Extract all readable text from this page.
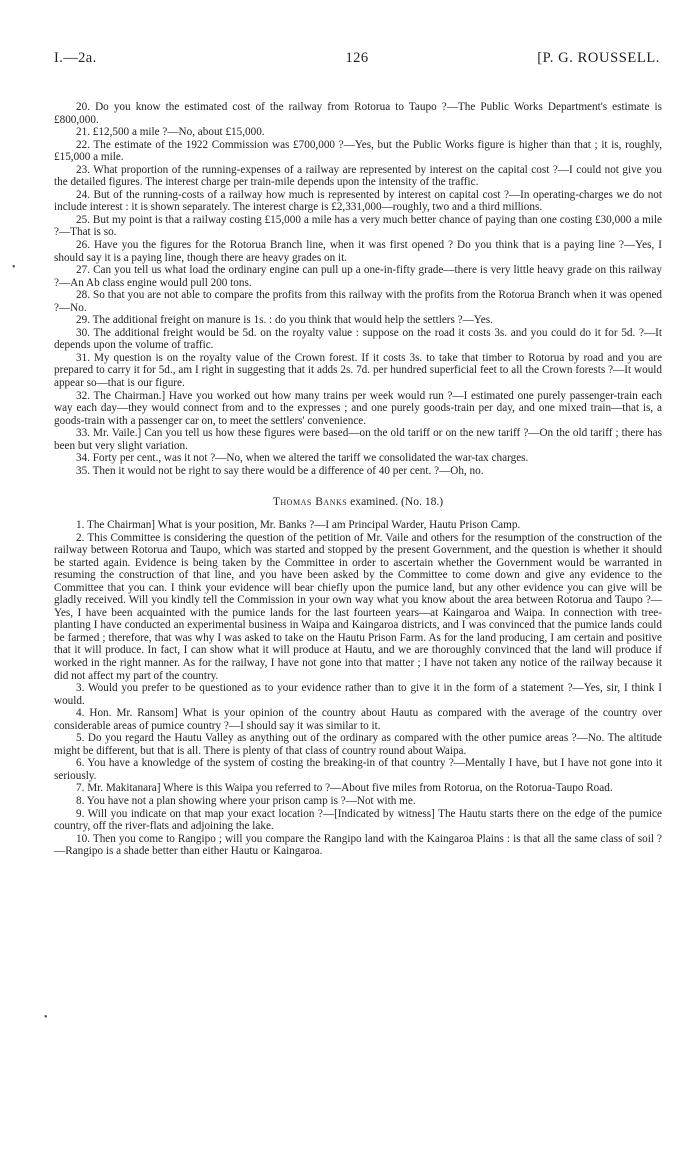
I.—2a.	126	[P. G. ROUSSELL.
•
•

20. Do you know the estimated cost of the railway from Rotorua to Taupo ?—The Public Works Department's estimate is £800,000.

21. £12,500 a mile ?—No, about £15,000.

22. The estimate of the 1922 Commission was £700,000 ?—Yes, but the Public Works figure is higher than that ; it is, roughly, £15,000 a mile.

23. What proportion of the running-expenses of a railway are represented by interest on the capital cost ?—I could not give you the detailed figures. The interest charge per train-mile depends upon the intensity of the traffic.

24. But of the running-costs of a railway how much is represented by interest on capital cost ?—In operating-charges we do not include interest : it is shown separately. The interest charge is £2,331,000—roughly, two and a third millions.

25. But my point is that a railway costing £15,000 a mile has a very much better chance of paying than one costing £30,000 a mile ?—That is so.

26. Have you the figures for the Rotorua Branch line, when it was first opened ? Do you think that is a paying line ?—Yes, I should say it is a paying line, though there are heavy grades on it.

27. Can you tell us what load the ordinary engine can pull up a one-in-fifty grade—there is very little heavy grade on this railway ?—An Ab class engine would pull 200 tons.

28. So that you are not able to compare the profits from this railway with the profits from the Rotorua Branch when it was opened ?—No.

29. The additional freight on manure is 1s. : do you think that would help the settlers ?—Yes.

30. The additional freight would be 5d. on the royalty value : suppose on the road it costs 3s. and you could do it for 5d. ?—It depends upon the volume of traffic.

31. My question is on the royalty value of the Crown forest. If it costs 3s. to take that timber to Rotorua by road and you are prepared to carry it for 5d., am I right in suggesting that it adds 2s. 7d. per hundred superficial feet to all the Crown forests ?—It would appear so—that is our figure.

32. The Chairman.] Have you worked out how many trains per week would run ?—I estimated one purely passenger-train each way each day—they would connect from and to the expresses ; and one purely goods-train per day, and one mixed train—that is, a goods-train with a passenger car on, to meet the settlers' convenience.

33. Mr. Vaile.] Can you tell us how these figures were based—on the old tariff or on the new tariff ?—On the old tariff ; there has been but very slight variation.

34. Forty per cent., was it not ?—No, when we altered the tariff we consolidated the war-tax charges.

35. Then it would not be right to say there would be a difference of 40 per cent. ?—Oh, no.

Thomas Banks examined. (No. 18.)

1. The Chairman] What is your position, Mr. Banks ?—I am Principal Warder, Hautu Prison Camp.

2. This Committee is considering the question of the petition of Mr. Vaile and others for the resumption of the construction of the railway between Rotorua and Taupo, which was started and stopped by the present Government, and the question is whether it should be started again. Evidence is being taken by the Committee in order to ascertain whether the Government would be warranted in resuming the construction of that line, and you have been asked by the Committee to come down and give any evidence to the Committee that you can. I think your evidence will bear chiefly upon the pumice land, but any other evidence you can give will be gladly received. Will you kindly tell the Commission in your own way what you know about the area between Rotorua and Taupo ?—Yes, I have been acquainted with the pumice lands for the last fourteen years—at Kaingaroa and Waipa. In connection with tree-planting I have conducted an experimental business in Waipa and Kaingaroa districts, and I was convinced that the pumice lands could be farmed ; therefore, that was why I was asked to take on the Hautu Prison Farm. As for the land producing, I am certain and positive that it will produce. In fact, I can show what it will produce at Hautu, and we are thoroughly convinced that the land will produce if worked in the right manner. As for the railway, I have not gone into that matter ; I have not taken any notice of the railway because it did not affect my part of the country.

3. Would you prefer to be questioned as to your evidence rather than to give it in the form of a statement ?—Yes, sir, I think I would.

4. Hon. Mr. Ransom] What is your opinion of the country about Hautu as compared with the average of the country over considerable areas of pumice country ?—I should say it was similar to it.

5. Do you regard the Hautu Valley as anything out of the ordinary as compared with the other pumice areas ?—No. The altitude might be different, but that is all. There is plenty of that class of country round about Waipa.

6. You have a knowledge of the system of costing the breaking-in of that country ?—Mentally I have, but I have not gone into it seriously.

7. Mr. Makitanara] Where is this Waipa you referred to ?—About five miles from Rotorua, on the Rotorua-Taupo Road.

8. You have not a plan showing where your prison camp is ?—Not with me.

9. Will you indicate on that map your exact location ?—[Indicated by witness] The Hautu starts there on the edge of the pumice country, off the river-flats and adjoining the lake.

10. Then you come to Rangipo ; will you compare the Rangipo land with the Kaingaroa Plains : is that all the same class of soil ?—Rangipo is a shade better than either Hautu or Kaingaroa.
